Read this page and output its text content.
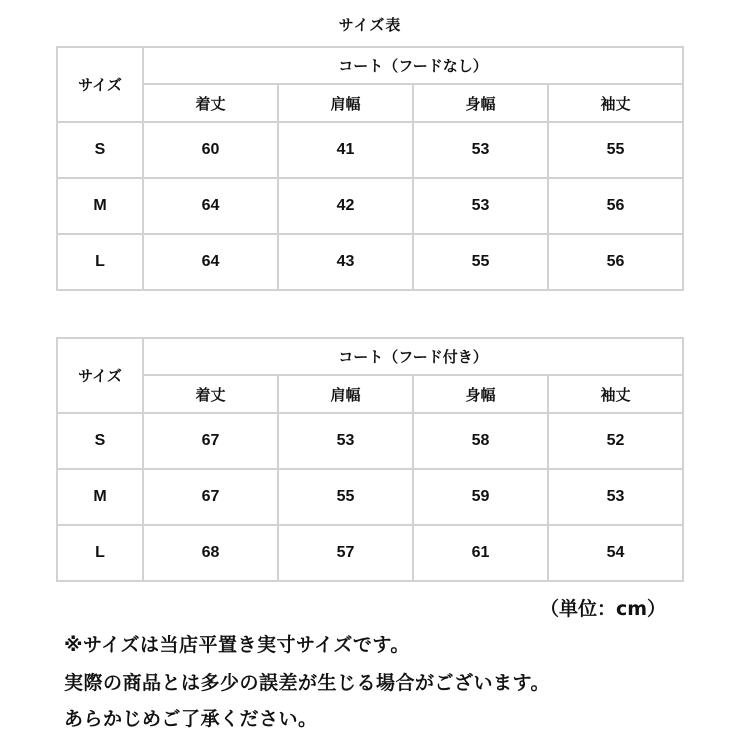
サイズ表
サイズ	コート（フードなし）			
	着丈	肩幅	身幅	袖丈
S	60	41	53	55
M	64	42	53	56
L	64	43	55	56
サイズ	コート（フード付き）			
	着丈	肩幅	身幅	袖丈
S	67	53	58	52
M	67	55	59	53
L	68	57	61	54
（単位：cm）
※サイズは当店平置き実寸サイズです。
実際の商品とは多少の誤差が生じる場合がございます。
あらかじめご了承ください。
